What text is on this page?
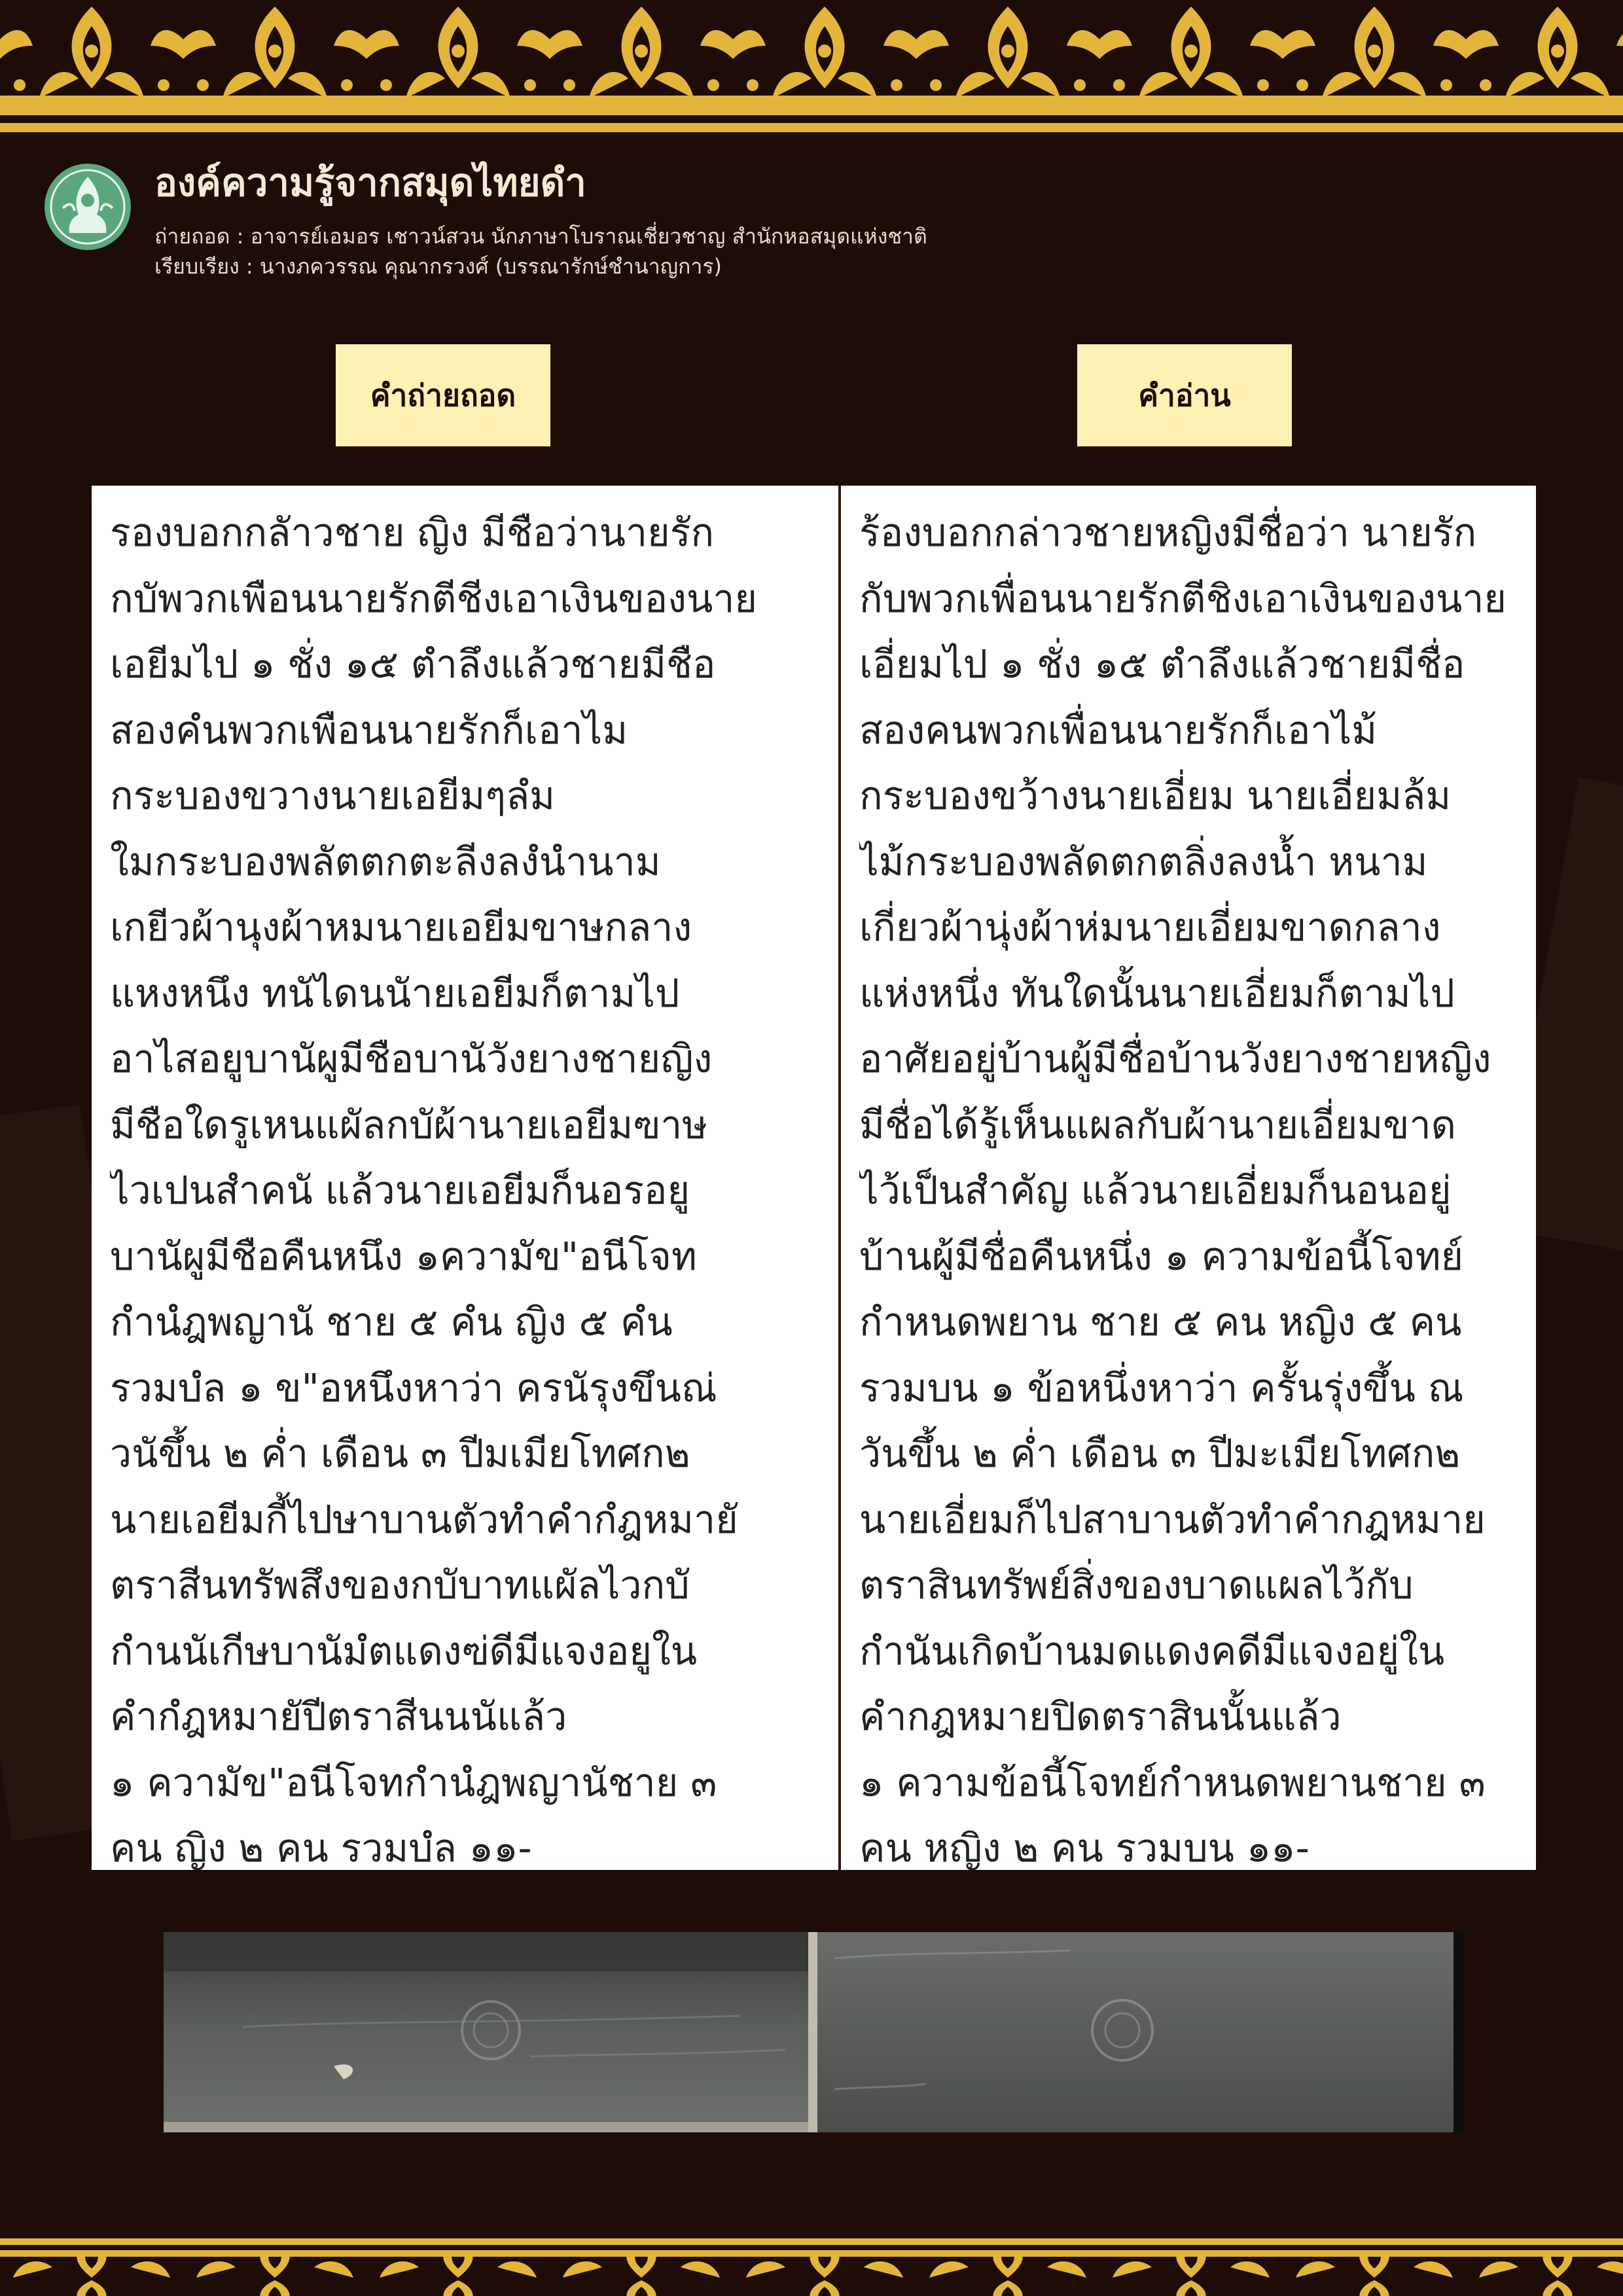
องค์ความรู้จากสมุดไทยดำ
ถ่ายถอด : อาจารย์เอมอร เชาวน์สวน นักภาษาโบราณเชี่ยวชาญ สำนักหอสมุดแห่งชาติ
เรียบเรียง : นางภควรรณ คุณากรวงศ์ (บรรณารักษ์ชำนาญการ)
คำถ่ายถอด	คำอ่าน
รองบอกกลัาวชาย ญิง มีชือว่านายรัก
กบัพวกเพือนนายรักตีชีงเอาเงินของนาย
เอยีมไป ๑ ชั่ง ๑๕ ตำลึงแล้วชายมีชือ
สองคํนพวกเพือนนายรักก็เอาไม
กระบองขวางนายเอยีมๆลํม
ใมกระบองพลัตตกตะลีงลงํนำนาม
เกยีวผ้านุงผ้าหมนายเอยีมขาษกลาง
แหงหนึง ทนัไดนนัายเอยีมก็ตามไป
อาไสอยูบานัผูมีชือบานัวังยางชายญิง
มีชือใดรูเหนแผัลกบัผ้านายเอยีมฃาษ
ไวเปนสำคนั แล้วนายเอยีมก็นอรอยู
บานัผูมีชือคืนหนึง ๑ความัข"อนีโจท
กำนํฎพญานั ชาย ๕ คํน ญิง ๕ คํน
รวมบํล ๑ ข"อหนึงหาว่า ครนัรุงขึนณ่
วนัขึ้น ๒ ค่ำ เดือน ๓ ปีมเมียโทศก๒
นายเอยีมกี้ไปษาบานตัวทำคำกํฎหมายั
ตราสีนทรัพสึงของกบับาทแผัลไวกบั
กำนนัเกีษบานัมํตแดงฃ่ดีมีแจงอยูใน
คำกํฎหมายัปีตราสีนนนัแล้ว
๑ ความัข"อนีโจทกำนํฎพญานัชาย ๓
คน ญิง ๒ คน รวมบํล ๑๑-
ร้องบอกกล่าวชายหญิงมีชื่อว่า นายรัก
กับพวกเพื่อนนายรักตีชิงเอาเงินของนาย
เอี่ยมไป ๑ ชั่ง ๑๕ ตำลึงแล้วชายมีชื่อ
สองคนพวกเพื่อนนายรักก็เอาไม้
กระบองขว้างนายเอี่ยม นายเอี่ยมล้ม
ไม้กระบองพลัดตกตลิ่งลงน้ำ หนาม
เกี่ยวผ้านุ่งผ้าห่มนายเอี่ยมขาดกลาง
แห่งหนึ่ง ทันใดนั้นนายเอี่ยมก็ตามไป
อาศัยอยู่บ้านผู้มีชื่อบ้านวังยางชายหญิง
มีชื่อได้รู้เห็นแผลกับผ้านายเอี่ยมขาด
ไว้เป็นสำคัญ แล้วนายเอี่ยมก็นอนอยู่
บ้านผู้มีชื่อคืนหนึ่ง ๑ ความข้อนี้โจทย์
กำหนดพยาน ชาย ๕ คน หญิง ๕ คน
รวมบน ๑ ข้อหนึ่งหาว่า ครั้นรุ่งขึ้น ณ
วันขึ้น ๒ ค่ำ เดือน ๓ ปีมะเมียโทศก๒
นายเอี่ยมก็ไปสาบานตัวทำคำกฎหมาย
ตราสินทรัพย์สิ่งของบาดแผลไว้กับ
กำนันเกิดบ้านมดแดงคดีมีแจงอยู่ใน
คำกฎหมายปิดตราสินนั้นแล้ว
๑ ความข้อนี้โจทย์กำหนดพยานชาย ๓
คน หญิง ๒ คน รวมบน ๑๑-
